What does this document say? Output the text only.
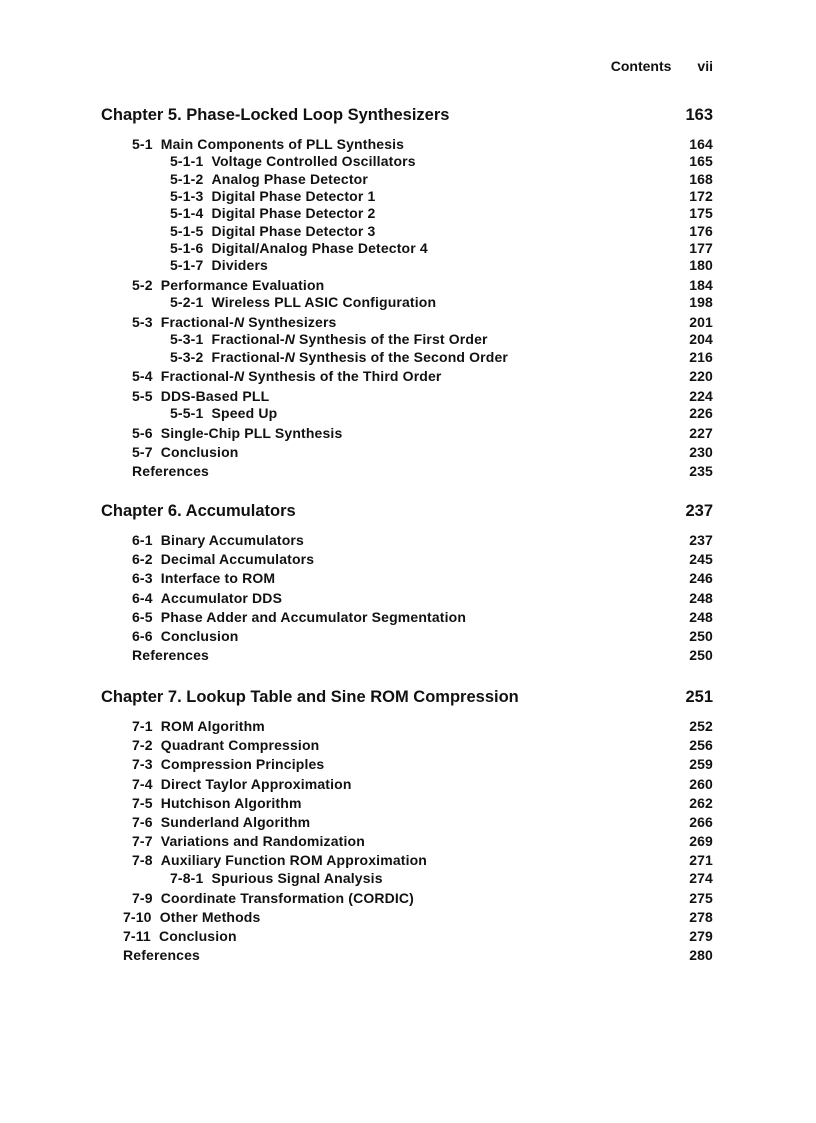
Contents vii
Chapter 5. Phase-Locked Loop Synthesizers	163
5-1 Main Components of PLL Synthesis	164
5-1-1 Voltage Controlled Oscillators	165
5-1-2 Analog Phase Detector	168
5-1-3 Digital Phase Detector 1	172
5-1-4 Digital Phase Detector 2	175
5-1-5 Digital Phase Detector 3	176
5-1-6 Digital/Analog Phase Detector 4	177
5-1-7 Dividers	180
5-2 Performance Evaluation	184
5-2-1 Wireless PLL ASIC Configuration	198
5-3 Fractional-N Synthesizers	201
5-3-1 Fractional-N Synthesis of the First Order	204
5-3-2 Fractional-N Synthesis of the Second Order	216
5-4 Fractional-N Synthesis of the Third Order	220
5-5 DDS-Based PLL	224
5-5-1 Speed Up	226
5-6 Single-Chip PLL Synthesis	227
5-7 Conclusion	230
References	235
Chapter 6. Accumulators	237
6-1 Binary Accumulators	237
6-2 Decimal Accumulators	245
6-3 Interface to ROM	246
6-4 Accumulator DDS	248
6-5 Phase Adder and Accumulator Segmentation	248
6-6 Conclusion	250
References	250
Chapter 7. Lookup Table and Sine ROM Compression	251
7-1 ROM Algorithm	252
7-2 Quadrant Compression	256
7-3 Compression Principles	259
7-4 Direct Taylor Approximation	260
7-5 Hutchison Algorithm	262
7-6 Sunderland Algorithm	266
7-7 Variations and Randomization	269
7-8 Auxiliary Function ROM Approximation	271
7-8-1 Spurious Signal Analysis	274
7-9 Coordinate Transformation (CORDIC)	275
7-10 Other Methods	278
7-11 Conclusion	279
References	280
